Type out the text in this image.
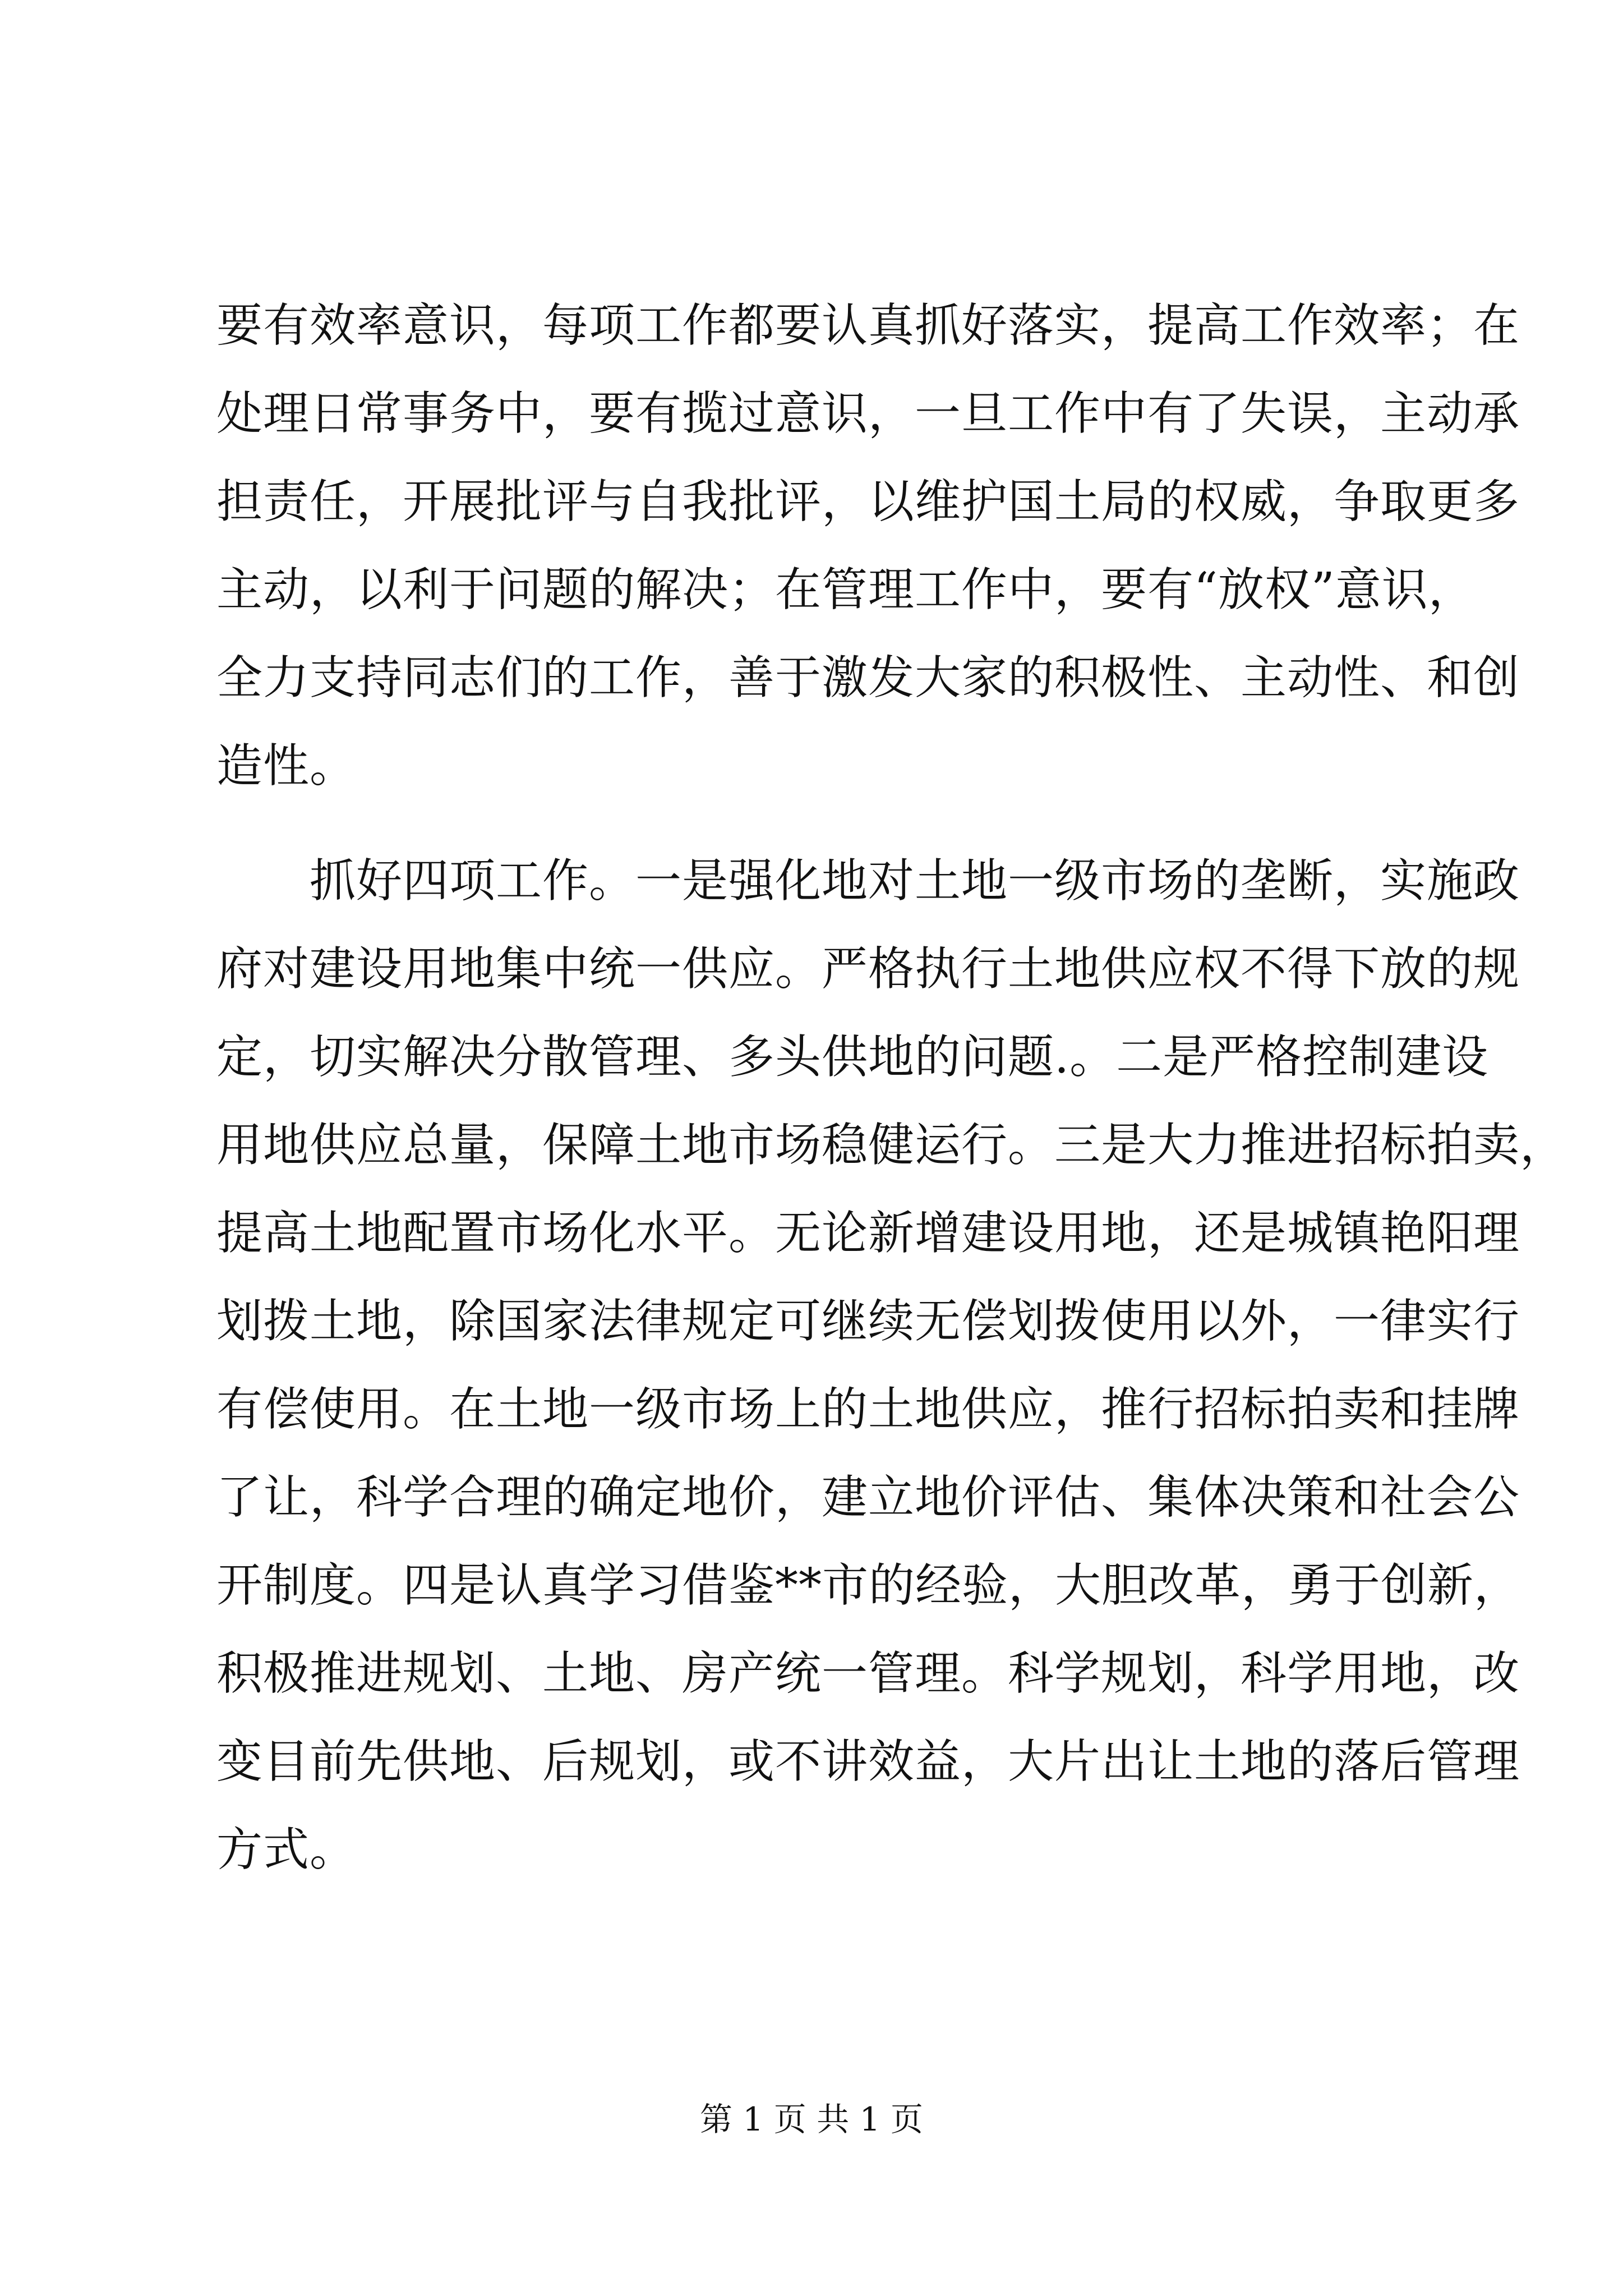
要有效率意识，每项工作都要认真抓好落实，提高工作效率；在
处理日常事务中，要有揽过意识，一旦工作中有了失误，主动承
担责任，开展批评与自我批评，以维护国土局的权威，争取更多
主动，以利于问题的解决；在管理工作中，要有“放权”意识，
全力支持同志们的工作，善于激发大家的积极性、主动性、和创
造性。
　　抓好四项工作。一是强化地对土地一级市场的垄断，实施政
府对建设用地集中统一供应。严格执行土地供应权不得下放的规
定，切实解决分散管理、多头供地的问题.。二是严格控制建设
用地供应总量，保障土地市场稳健运行。三是大力推进招标拍卖，
提高土地配置市场化水平。无论新增建设用地，还是城镇艳阳理
划拨土地，除国家法律规定可继续无偿划拨使用以外，一律实行
有偿使用。在土地一级市场上的土地供应，推行招标拍卖和挂牌
了让，科学合理的确定地价，建立地价评估、集体决策和社会公
开制度。四是认真学习借鉴**市的经验，大胆改革，勇于创新，
积极推进规划、土地、房产统一管理。科学规划，科学用地，改
变目前先供地、后规划，或不讲效益，大片出让土地的落后管理
方式。
第 1 页 共 1 页
